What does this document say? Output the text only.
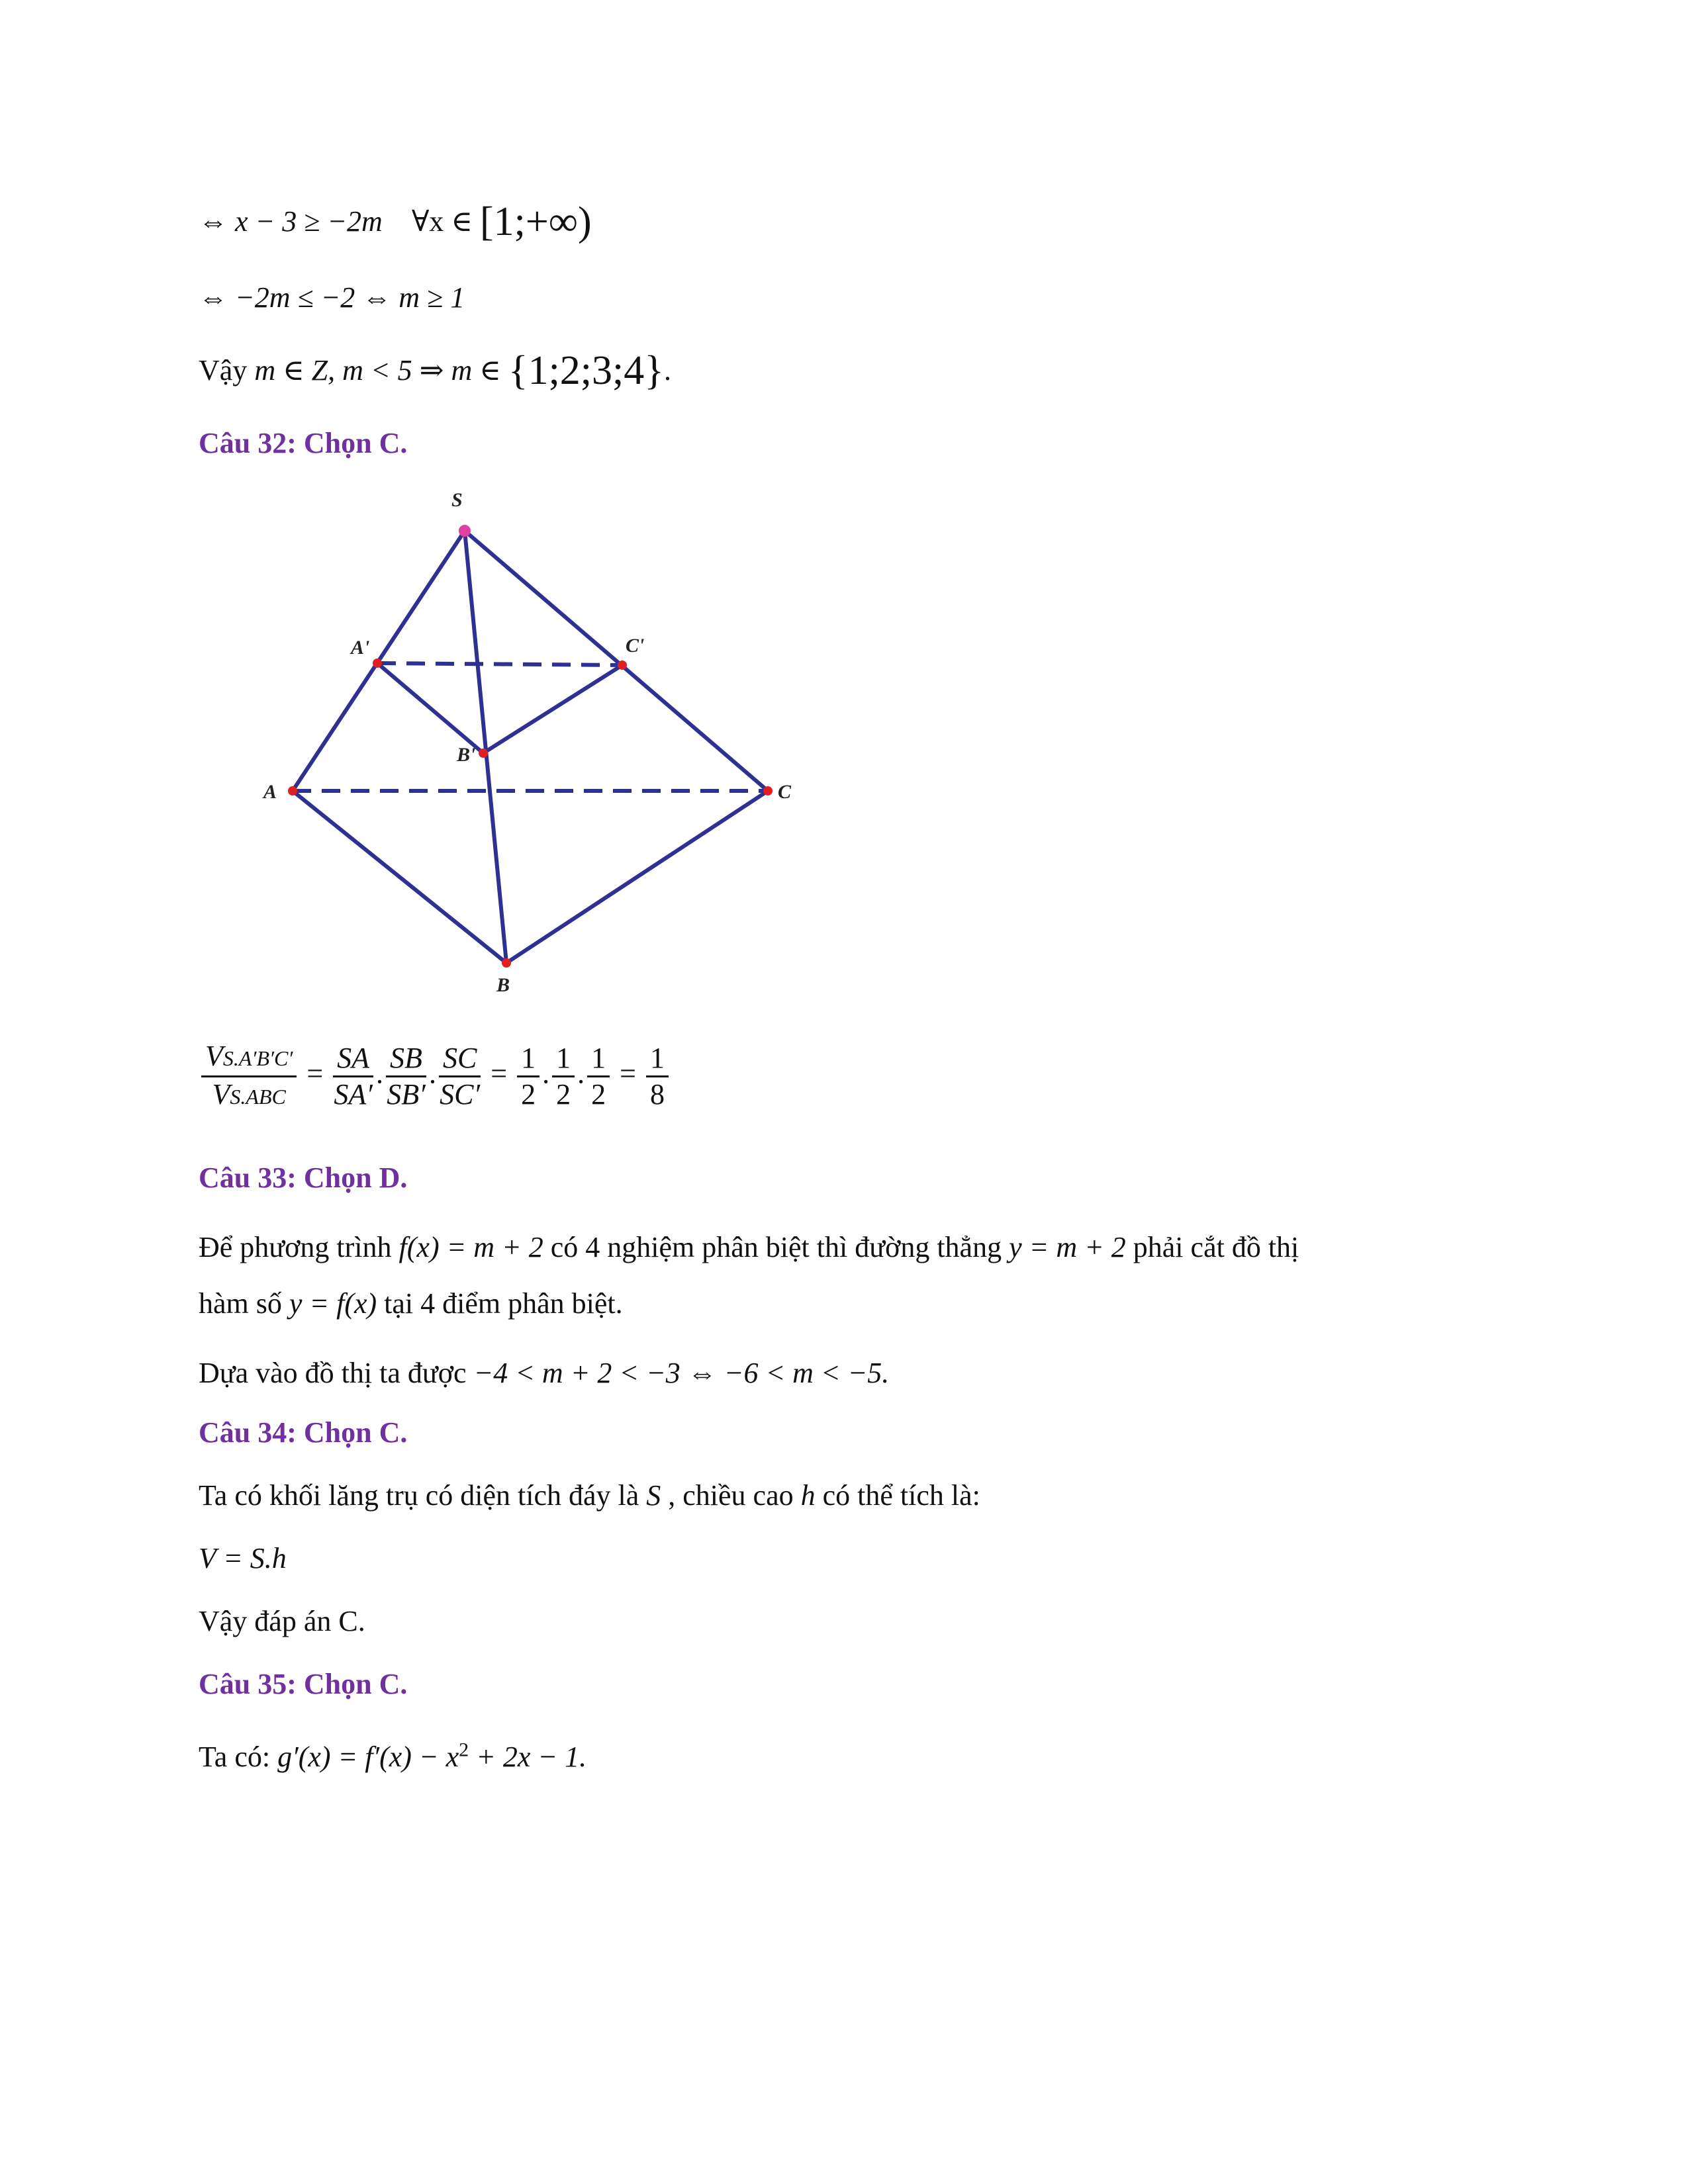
⇔ x − 3 ≥ −2m ∀x ∈ [1;+∞)
⇔ −2m ≤ −2 ⇔ m ≥ 1
Vậy m ∈ Z, m < 5 ⇒ m ∈ {1;2;3;4}.
Câu 32: Chọn C.
S
A'	C'
B'
A	C
B
$\frac{VS.A'B'C'}{\text{VS.ABC}} = \frac{SA}{SA'}$ . $\frac{SB}{SB'}$ . $\frac{SC}{SC'} = \frac{1}{2}$ . $\frac{1}{2}$ . $\frac{1}{2} = \frac{1}{8}$
Câu 33: Chọn D.
Để phương trình f(x) = m + 2 có 4 nghiệm phân biệt thì đường thẳng y = m + 2 phải cắt đồ thị
hàm số y = f(x) tại 4 điểm phân biệt.
Dựa vào đồ thị ta được −4 < m + 2 < −3 ⇔ −6 < m < −5.
Câu 34: Chọn C.
Ta có khối lăng trụ có diện tích đáy là S , chiều cao h có thể tích là:
V = S.h
Vậy đáp án C.
Câu 35: Chọn C.
Ta có: $g'(x) = f'(x) - x^2 + 2x - 1$.
